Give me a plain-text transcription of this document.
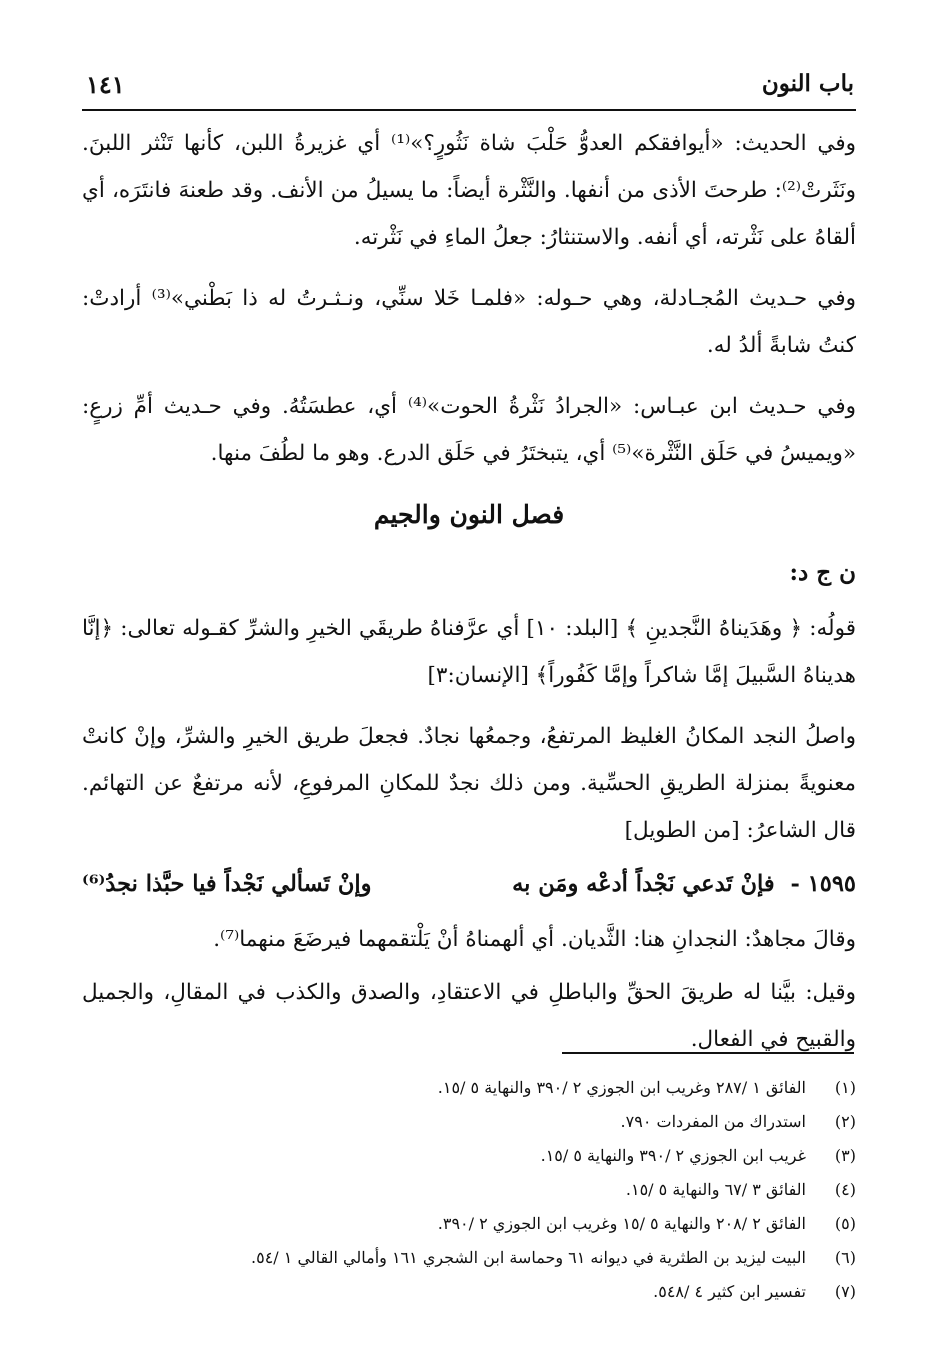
باب النون
١٤١

وفي الحديث: «أيوافقكم العدوُّ حَلْبَ شاة نَثُورٍ؟»⁽¹⁾ أي غزيرةُ اللبن، كأنها تَنْثر اللبنَ. ونَثَرتْ⁽²⁾: طرحتَ الأذى من أنفها. والنَّثْرة أيضاً: ما يسيلُ من الأنف. وقد طعنهَ فانتَرَه، أي ألقاهُ على نَثْرته، أي أنفه. والاستنثارُ: جعلُ الماءِ في نَثْرته.

وفي حـديث المُجـادلة، وهي حـوله: «فلمـا خَلا سنِّي، ونـثـرتُ له ذا بَطْني»⁽³⁾ أرادتْ: كنتُ شابةً ألدُ له.

وفي حـديث ابن عبـاس: «الجرادُ نَثْرةُ الحوت»⁽⁴⁾ أي، عطسَتُهُ. وفي حـديث أمِّ زرعٍ: «ويميسُ في حَلَق النَّثْرة»⁽⁵⁾ أي، يتبختَرُ في حَلَق الدرع. وهو ما لطُفَ منها.

فصل النون والجيم
ن ج د:

قولُه: ﴿ وهَدَيناهُ النَّجدينِ ﴾ [البلد: ١٠] أي عرَّفناهُ طريقَي الخيرِ والشرِّ كقـوله تعالى: ﴿إنَّا هديناهُ السَّبيلَ إمَّا شاكراً وإمَّا كَفُوراً﴾ [الإنسان:٣]

واصلُ النجد المكانُ الغليظ المرتفعُ، وجمعُها نجادٌ. فجعلَ طريق الخيرِ والشرِّ، وإنْ كانتْ معنويةً بمنزلة الطريقِ الحسِّية. ومن ذلك نجدٌ للمكانِ المرفوعِ، لأنه مرتفعٌ عن التهائم. قال الشاعرُ: [من الطويل]

١٥٩٥ - فإنْ تَدعي نَجْداً أدعْه ومَن به
وإنْ تَسألي نَجْداً فيا حبَّذا نجدُ⁽⁶⁾

وقالَ مجاهدٌ: النجدانِ هنا: الثَّديان. أي ألهمناهُ أنْ يَلْتقمهما فيرضَعَ منهما⁽⁷⁾.

وقيل: بيَّنا له طريقَ الحقِّ والباطلِ في الاعتقادِ، والصدق والكذب في المقالِ، والجميل والقبيح في الفعال.

(١)
الفائق ١ /٢٨٧ وغريب ابن الجوزي ٢ /٣٩٠ والنهاية ٥ /١٥.
(٢)
استدراك من المفردات ٧٩٠.
(٣)
غريب ابن الجوزي ٢ /٣٩٠ والنهاية ٥ /١٥.
(٤)
الفائق ٣ /٦٧ والنهاية ٥ /١٥.
(٥)
الفائق ٢ /٢٠٨ والنهاية ٥ /١٥ وغريب ابن الجوزي ٢ /٣٩٠.
(٦)
البيت ليزيد بن الطثرية في ديوانه ٦١ وحماسة ابن الشجري ١٦١ وأمالي القالي ١ /٥٤.
(٧)
تفسير ابن كثير ٤ /٥٤٨.
